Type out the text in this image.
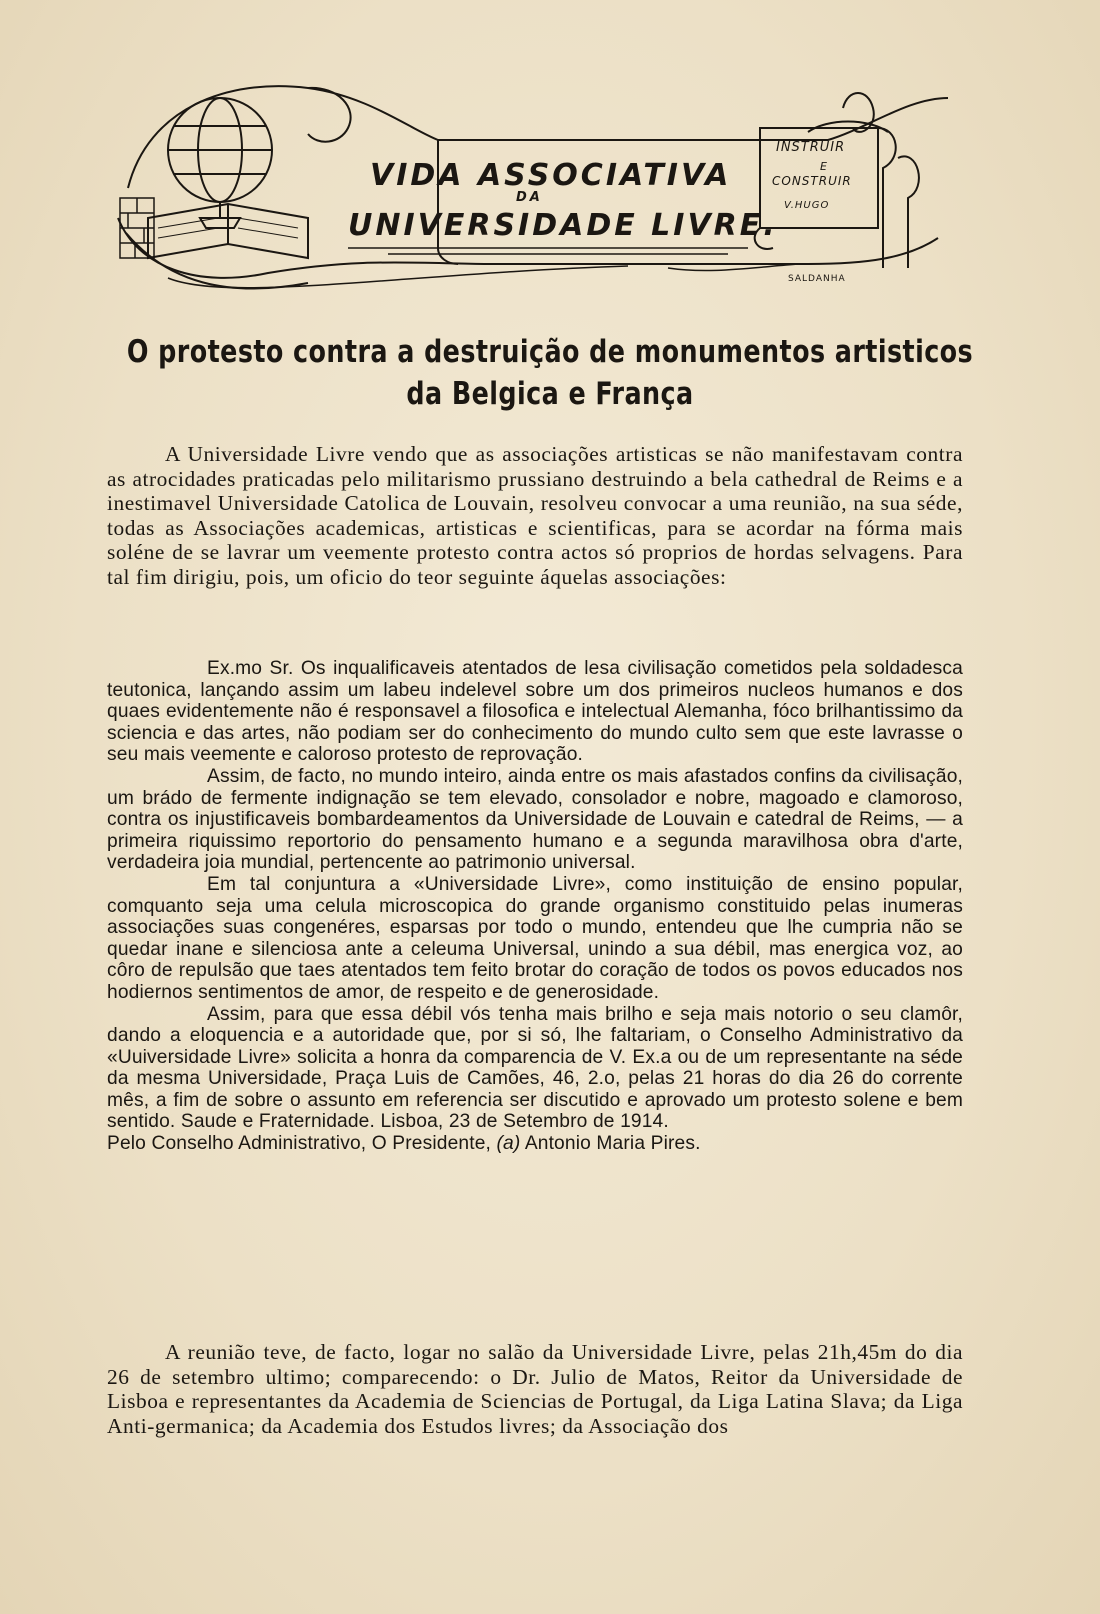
VIDA ASSOCIATIVA
DA
UNIVERSIDADE LIVRE.
INSTRUIR
E
CONSTRUIR
V.HUGO
SALDANHA
O protesto contra a destruição de monumentos artisticos
da Belgica e França

A Universidade Livre vendo que as associações artisticas se não manifestavam contra as atrocidades praticadas pelo militarismo prussiano destruindo a bela cathedral de Reims e a inestimavel Universidade Catolica de Louvain, resolveu convocar a uma reunião, na sua séde, todas as Associações academicas, artisticas e scientificas, para se acordar na fórma mais soléne de se lavrar um veemente protesto contra actos só proprios de hordas selvagens. Para tal fim dirigiu, pois, um oficio do teor seguinte áquelas associações:

Ex.mo Sr. Os inqualificaveis atentados de lesa civilisação cometidos pela soldadesca teutonica, lançando assim um labeu indelevel sobre um dos primeiros nucleos humanos e dos quaes evidentemente não é responsavel a filosofica e intelectual Alemanha, fóco brilhantissimo da sciencia e das artes, não podiam ser do conhecimento do mundo culto sem que este lavrasse o seu mais veemente e caloroso protesto de reprovação.

Assim, de facto, no mundo inteiro, ainda entre os mais afastados confins da civilisação, um brádo de fermente indignação se tem elevado, consolador e nobre, magoado e clamoroso, contra os injustificaveis bombardeamentos da Universidade de Louvain e catedral de Reims, — a primeira riquissimo reportorio do pensamento humano e a segunda maravilhosa obra d'arte, verdadeira joia mundial, pertencente ao patrimonio universal.

Em tal conjuntura a «Universidade Livre», como instituição de ensino popular, comquanto seja uma celula microscopica do grande organismo constituido pelas inumeras associações suas congenéres, esparsas por todo o mundo, entendeu que lhe cumpria não se quedar inane e silenciosa ante a celeuma Universal, unindo a sua débil, mas energica voz, ao côro de repulsão que taes atentados tem feito brotar do coração de todos os povos educados nos hodiernos sentimentos de amor, de respeito e de generosidade.

Assim, para que essa débil vós tenha mais brilho e seja mais notorio o seu clamôr, dando a eloquencia e a autoridade que, por si só, lhe faltariam, o Conselho Administrativo da «Uuiversidade Livre» solicita a honra da comparencia de V. Ex.a ou de um representante na séde da mesma Universidade, Praça Luis de Camões, 46, 2.o, pelas 21 horas do dia 26 do corrente mês, a fim de sobre o assunto em referencia ser discutido e aprovado um protesto solene e bem sentido. Saude e Fraternidade. Lisboa, 23 de Setembro de 1914.

Pelo Conselho Administrativo, O Presidente, (a) Antonio Maria Pires.

A reunião teve, de facto, logar no salão da Universidade Livre, pelas 21h,45m do dia 26 de setembro ultimo; comparecendo: o Dr. Julio de Matos, Reitor da Universidade de Lisboa e representantes da Academia de Sciencias de Portugal, da Liga Latina Slava; da Liga Anti-germanica; da Academia dos Estudos livres; da Associação dos
